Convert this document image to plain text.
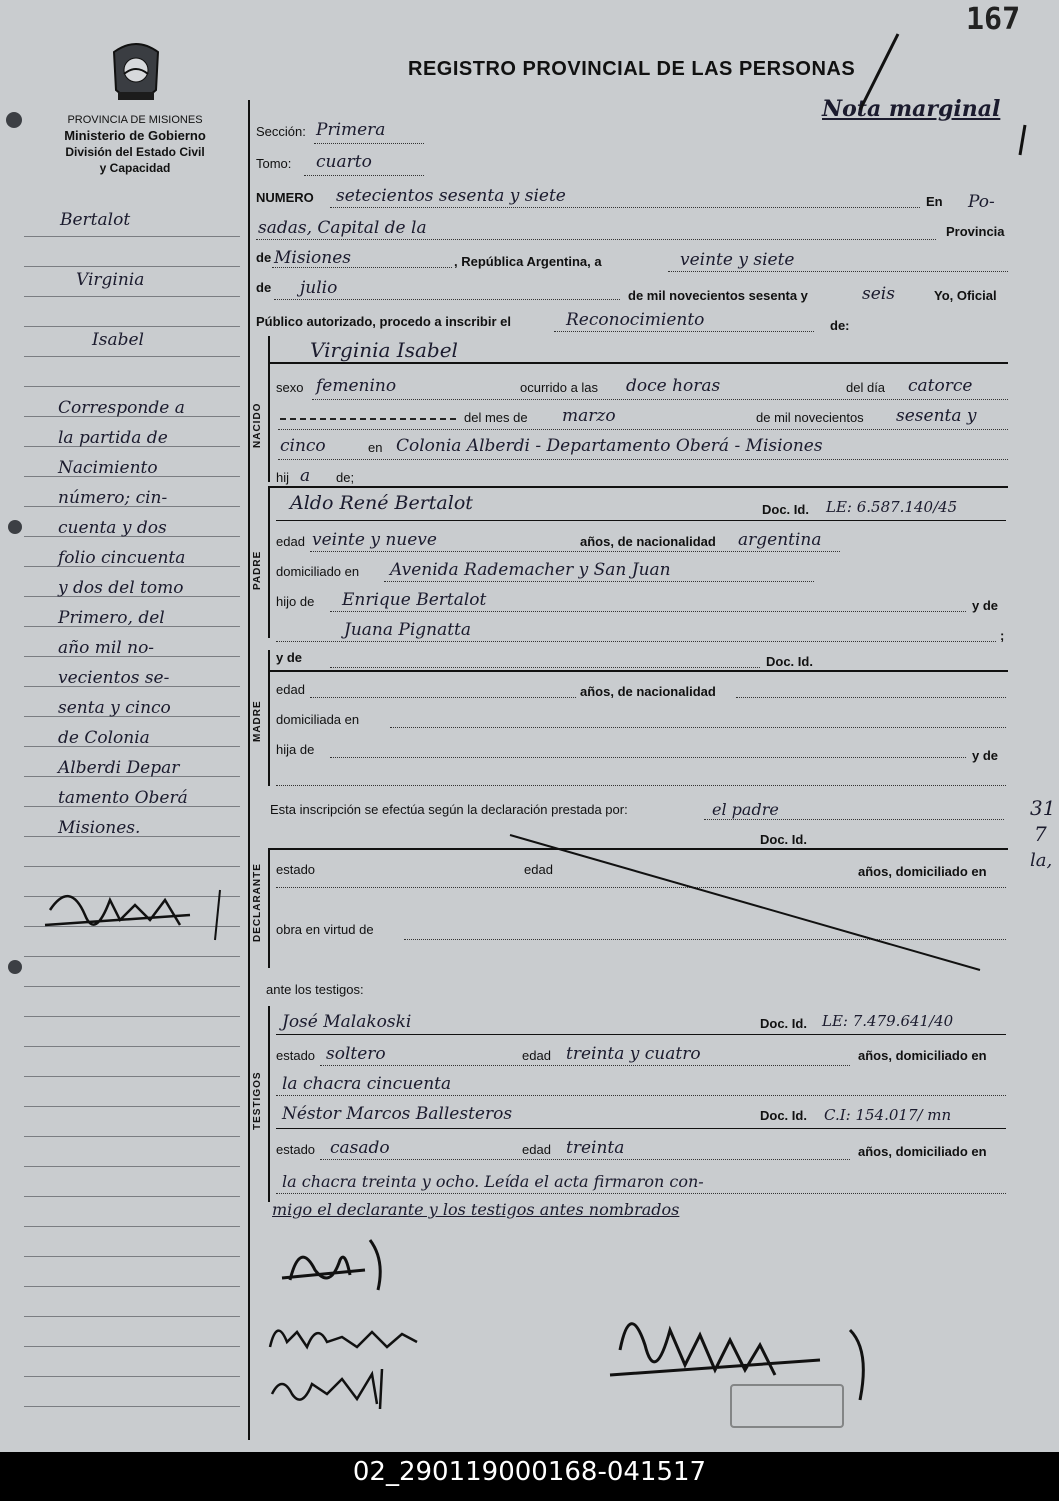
167
PROVINCIA DE MISIONES
Ministerio de Gobierno
División del Estado Civil
y Capacidad
REGISTRO PROVINCIAL DE LAS PERSONAS
Nota marginal
Bertalot
Virginia
Isabel
Corresponde a
la partida de
Nacimiento
número; cin-
cuenta y dos
folio cincuenta
y dos del tomo
Primero, del
año mil no-
vecientos se-
senta y cinco
de Colonia
Alberdi Depar
tamento Oberá
Misiones.
Sección: Primera
Tomo: cuarto
NUMERO setecientos sesenta y siete	En Po-
sadas, Capital de la	Provincia
de Misiones	, República Argentina, a	veinte y siete
de julio	de mil novecientos sesenta y	seis	Yo, Oficial
Público autorizado, procedo a inscribir el	Reconocimiento	de:
NACIDO
Virginia Isabel
sexo femenino	ocurrido a las doce horas	del día catorce
del mes de marzo	de mil novecientos sesenta y
cinco	en Colonia Alberdi - Departamento Oberá - Misiones
hij a de;
PADRE
Aldo René Bertalot	Doc. Id. LE: 6.587.140/45
edad veinte y nueve	años, de nacionalidad argentina
domiciliado en Avenida Rademacher y San Juan
hijo de Enrique Bertalot	y de
Juana Pignatta	;
y de	Doc. Id.
MADRE
edad	años, de nacionalidad
domiciliada en
hija de	y de
Esta inscripción se efectúa según la declaración prestada por:	el padre
Doc. Id.
DECLARANTE estado	edad	años, domiciliado en
obra en virtud de
ante los testigos:
TESTIGOS
José Malakoski	Doc. Id. LE: 7.479.641/40
estado soltero	edad treinta y cuatro	años, domiciliado en
la chacra cincuenta
Néstor Marcos Ballesteros	Doc. Id. C.I: 154.017/ mn
estado casado	edad treinta	años, domiciliado en
la chacra treinta y ocho. Leída el acta firmaron con-
migo el declarante y los testigos antes nombrados
31
7
la,
02_290119000168-041517
